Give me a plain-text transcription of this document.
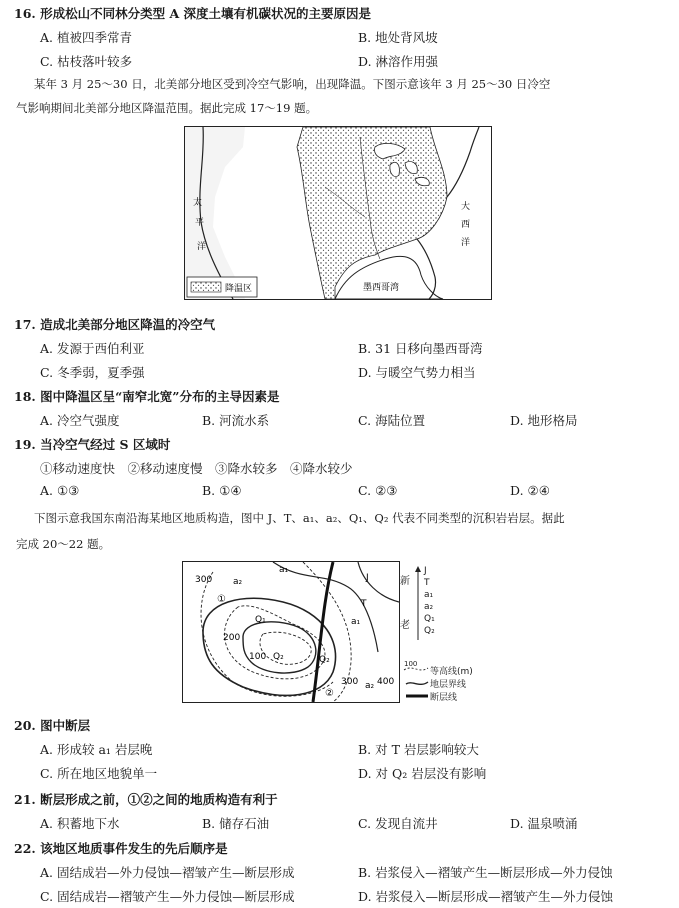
16. 形成松山不同林分类型 A 深度土壤有机碳状况的主要原因是
A. 植被四季常青	B. 地处背风坡
C. 枯枝落叶较多	D. 淋溶作用强
某年 3 月 25～30 日，北美部分地区受到冷空气影响，出现降温。下图示意该年 3 月 25～30 日冷空
气影响期间北美部分地区降温范围。据此完成 17～19 题。
太
平
洋
大
西
洋
墨西哥湾
降温区
17. 造成北美部分地区降温的冷空气
A. 发源于西伯利亚	B. 31 日移向墨西哥湾
C. 冬季弱，夏季强	D. 与暖空气势力相当
18. 图中降温区呈“南窄北宽”分布的主导因素是
A. 冷空气强度	B. 河流水系	C. 海陆位置	D. 地形格局
19. 当冷空气经过 S 区域时
①移动速度快　②移动速度慢　③降水较多　④降水较少
A. ①③	B. ①④	C. ②③	D. ②④
下图示意我国东南沿海某地区地质构造，图中 J、T、a₁、a₂、Q₁、Q₂ 代表不同类型的沉积岩岩层。据此
完成 20～22 题。
300 a₂
a₁
J
T
①
Q₁	a₁
200
100 Q₂	Q₂
300 a₂ 400
②
新
老
J
T
a₁
a₂
Q₁
Q₂
100
等高线(m)
地层界线
断层线
20. 图中断层
A. 形成较 a₁ 岩层晚	B. 对 T 岩层影响较大
C. 所在地区地貌单一	D. 对 Q₂ 岩层没有影响
21. 断层形成之前，①②之间的地质构造有利于
A. 积蓄地下水	B. 储存石油	C. 发现自流井	D. 温泉喷涌
22. 该地区地质事件发生的先后顺序是
A. 固结成岩—外力侵蚀—褶皱产生—断层形成	B. 岩浆侵入—褶皱产生—断层形成—外力侵蚀
C. 固结成岩—褶皱产生—外力侵蚀—断层形成	D. 岩浆侵入—断层形成—褶皱产生—外力侵蚀
